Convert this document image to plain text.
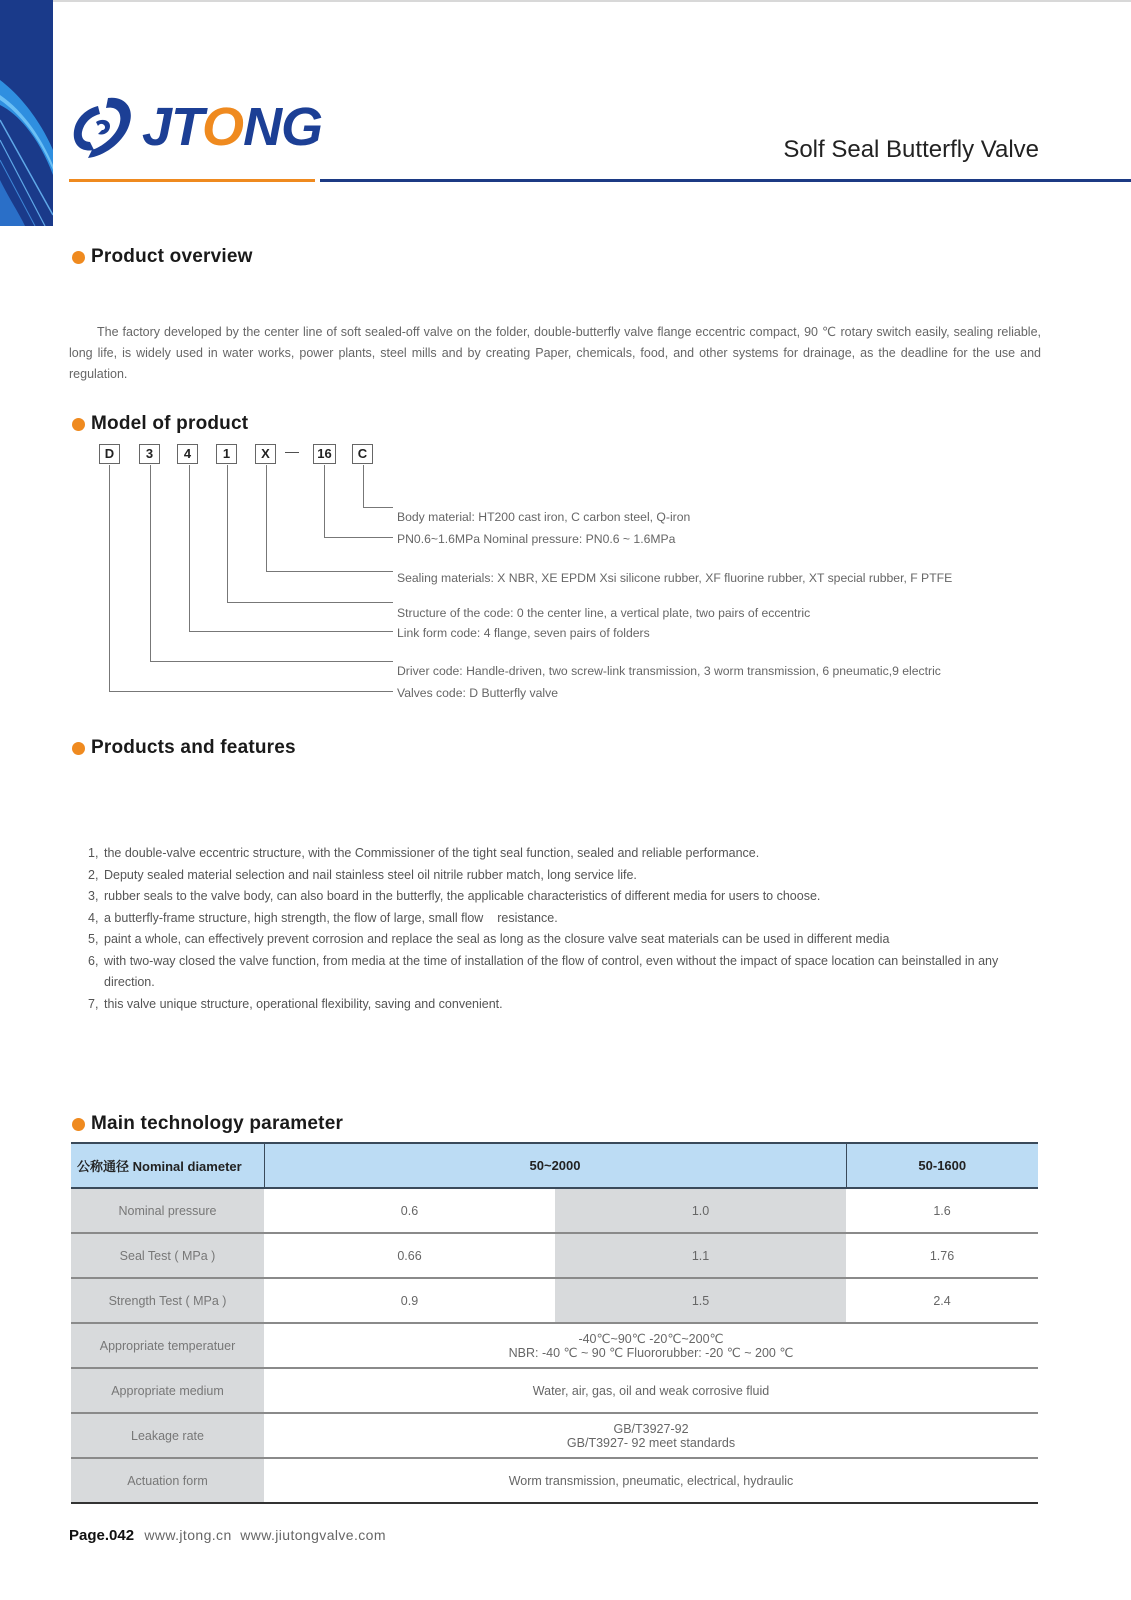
JTONG	Solf Seal Butterfly Valve
Product overview
The factory developed by the center line of soft sealed-off valve on the folder, double-butterfly valve flange eccentric compact, 90 ℃ rotary switch easily, sealing reliable, long life, is widely used in water works, power plants, steel mills and by creating Paper, chemicals, food, and other systems for drainage, as the deadline for the use and regulation.
Model of product
D	3	4	1	X	—	16	C
Body material: HT200 cast iron, C carbon steel, Q-iron
PN0.6~1.6MPa Nominal pressure: PN0.6 ~ 1.6MPa
Sealing materials: X NBR, XE EPDM Xsi silicone rubber, XF fluorine rubber, XT special rubber, F PTFE
Structure of the code: 0 the center line, a vertical plate, two pairs of eccentric
Link form code: 4 flange, seven pairs of folders
Driver code: Handle-driven, two screw-link transmission, 3 worm transmission, 6 pneumatic,9 electric
Valves code: D Butterfly valve
Products and features
1, the double-valve eccentric structure, with the Commissioner of the tight seal function, sealed and reliable performance.
2, Deputy sealed material selection and nail stainless steel oil nitrile rubber match, long service life.
3, rubber seals to the valve body, can also board in the butterfly, the applicable characteristics of different media for users to choose.
4, a butterfly-frame structure, high strength, the flow of large, small flow    resistance.
5, paint a whole, can effectively prevent corrosion and replace the seal as long as the closure valve seat materials can be used in different media
6, with two-way closed the valve function, from media at the time of installation of the flow of control, even without the impact of space location can beinstalled in any direction.
7, this valve unique structure, operational flexibility, saving and convenient.
Main technology parameter
公称通径 Nominal diameter	50~2000		50-1600
Nominal pressure	0.6	1.0	1.6
Seal Test ( MPa )	0.66	1.1	1.76
Strength Test ( MPa )	0.9	1.5	2.4
Appropriate temperatuer	-40℃~90℃ -20℃~200℃
NBR: -40 ℃ ~ 90 ℃ Fluororubber: -20 ℃ ~ 200 ℃		

Appropriate medium	Water, air, gas, oil and weak corrosive fluid		
Leakage rate	GB/T3927-92
GB/T3927- 92 meet standards		

Actuation form	Worm transmission, pneumatic, electrical, hydraulic		
Page.042 www.jtong.cn  www.jiutongvalve.com
